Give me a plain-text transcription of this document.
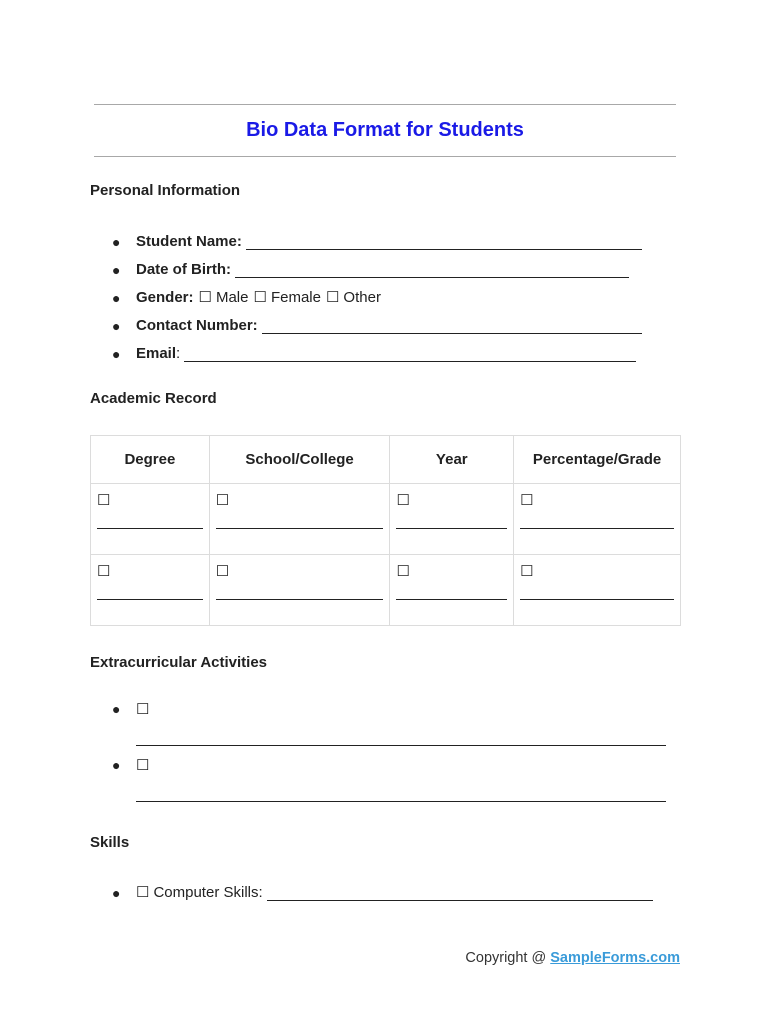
Bio Data Format for Students
Personal Information
●	Student Name:
●	Date of Birth:
●	Gender: ☐ Male ☐ Female ☐ Other
●	Contact Number:
●	Email :
Academic Record
Degree	School/College	Year	Percentage/Grade

☐	☐	☐	☐

☐	☐	☐	☐
Extracurricular Activities
● ☐
● ☐
Skills
●	☐ Computer Skills:
Copyright @ SampleForms.com
